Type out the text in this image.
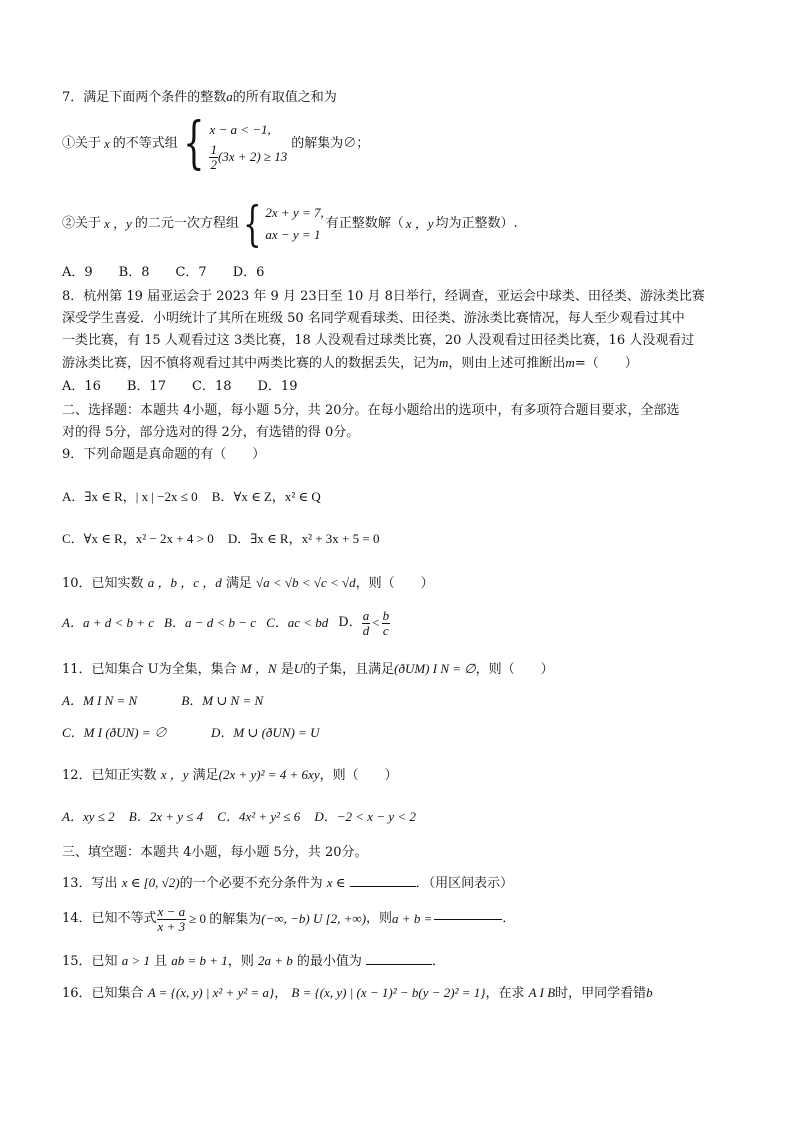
7．满足下面两个条件的整数a的所有取值之和为
①关于 x 的不等式组 { x − a < −1,
$\frac{1}{2} (3x + 2) \ge 13$
的解集为∅；
②关于 x ，y 的二元一次方程组 { 2x + y = 7,
ax − y = 1
有正整数解（ x ，y 均为正整数）.
A．9　　B．8　　C．7　　D．6
8．杭州第 19 届亚运会于 2023 年 9 月 23日至 10 月 8日举行，经调查，亚运会中球类、田径类、游泳类比赛
深受学生喜爱．小明统计了其所在班级 50 名同学观看球类、田径类、游泳类比赛情况，每人至少观看过其中
一类比赛，有 15 人观看过这 3类比赛，18 人没观看过球类比赛，20 人没观看过田径类比赛，16 人没观看过
游泳类比赛，因不慎将观看过其中两类比赛的人的数据丢失，记为m，则由上述可推断出m=（　　）
A．16　　B．17　　C．18　　D．19
二、选择题：本题共 4小题，每小题 5分，共 20分。在每小题给出的选项中，有多项符合题目要求，全部选
对的得 5分，部分选对的得 2分，有选错的得 0分。
9．下列命题是真命题的有（　　）
A．∃x ∈ R，| x | −2x ≤ 0 B．∀x ∈ Z，x² ∈ Q
C．∀x ∈ R，x² − 2x + 4 > 0 D．∃x ∈ R，x² + 3x + 5 = 0
10．已知实数 a ，b ，c ，d 满足 √a < √b < √c < √d，则（　　）
A．a + d < b + c B．a − d < b − c C．ac < bd D． $\frac{a}{d} < \frac{b}{c}$
11．已知集合 U为全集，集合 M ，N 是U的子集，且满足(ðUM) I N = ∅，则（　　）
A．M I N = N	B．M ∪ N = N
C．M I (ðUN) = ∅	D．M ∪ (ðUN) = U
12．已知正实数 x ，y 满足(2x + y)² = 4 + 6xy，则（　　）
A．xy ≤ 2 B．2x + y ≤ 4 C．4x² + y² ≤ 6 D．−2 < x − y < 2
三、填空题：本题共 4小题，每小题 5分，共 20分。
13．写出 x ∈ [0, √2)的一个必要不充分条件为 x ∈	．（用区间表示）
14．已知不等式 $\frac{x - a}{x + 3} \ge 0$ 的解集为 (−∞, −b) U [2, +∞) ，则 a + b =	．
15．已知 a > 1 且 ab = b + 1，则 2a + b 的最小值为	．
16．已知集合 A = {(x, y) | x² + y² = a}， B = {(x, y) | (x − 1)² − b(y − 2)² = 1}，在求 A I B时，甲同学看错b
